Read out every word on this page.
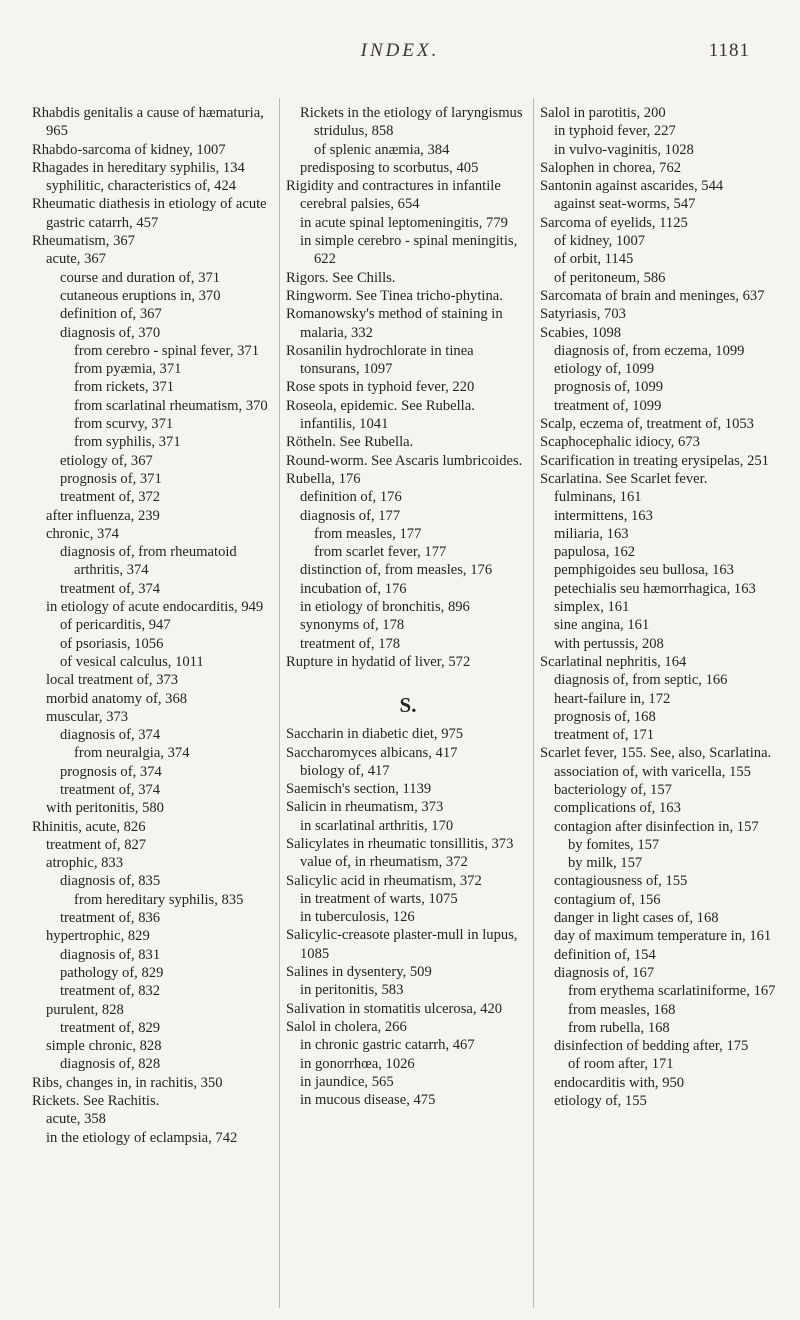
INDEX.	1181

Rhabdis genitalis a cause of hæmaturia, 965

Rhabdo-sarcoma of kidney, 1007

Rhagades in hereditary syphilis, 134

syphilitic, characteristics of, 424

Rheumatic diathesis in etiology of acute gastric catarrh, 457

Rheumatism, 367

acute, 367

course and duration of, 371

cutaneous eruptions in, 370

definition of, 367

diagnosis of, 370

from cerebro - spinal fever, 371

from pyæmia, 371

from rickets, 371

from scarlatinal rheumatism, 370

from scurvy, 371

from syphilis, 371

etiology of, 367

prognosis of, 371

treatment of, 372

after influenza, 239

chronic, 374

diagnosis of, from rheumatoid arthritis, 374

treatment of, 374

in etiology of acute endocarditis, 949

of pericarditis, 947

of psoriasis, 1056

of vesical calculus, 1011

local treatment of, 373

morbid anatomy of, 368

muscular, 373

diagnosis of, 374

from neuralgia, 374

prognosis of, 374

treatment of, 374

with peritonitis, 580

Rhinitis, acute, 826

treatment of, 827

atrophic, 833

diagnosis of, 835

from hereditary syphilis, 835

treatment of, 836

hypertrophic, 829

diagnosis of, 831

pathology of, 829

treatment of, 832

purulent, 828

treatment of, 829

simple chronic, 828

diagnosis of, 828

Ribs, changes in, in rachitis, 350

Rickets. See Rachitis.

acute, 358

in the etiology of eclampsia, 742

Rickets in the etiology of laryngismus stridulus, 858

of splenic anæmia, 384

predisposing to scorbutus, 405

Rigidity and contractures in infantile cerebral palsies, 654

in acute spinal leptomeningitis, 779

in simple cerebro - spinal meningitis, 622

Rigors. See Chills.

Ringworm. See Tinea tricho-phytina.

Romanowsky's method of staining in malaria, 332

Rosanilin hydrochlorate in tinea tonsurans, 1097

Rose spots in typhoid fever, 220

Roseola, epidemic. See Rubella.

infantilis, 1041

Rötheln. See Rubella.

Round-worm. See Ascaris lumbricoides.

Rubella, 176

definition of, 176

diagnosis of, 177

from measles, 177

from scarlet fever, 177

distinction of, from measles, 176

incubation of, 176

in etiology of bronchitis, 896

synonyms of, 178

treatment of, 178

Rupture in hydatid of liver, 572

S.

Saccharin in diabetic diet, 975

Saccharomyces albicans, 417

biology of, 417

Saemisch's section, 1139

Salicin in rheumatism, 373

in scarlatinal arthritis, 170

Salicylates in rheumatic tonsillitis, 373

value of, in rheumatism, 372

Salicylic acid in rheumatism, 372

in treatment of warts, 1075

in tuberculosis, 126

Salicylic-creasote plaster-mull in lupus, 1085

Salines in dysentery, 509

in peritonitis, 583

Salivation in stomatitis ulcerosa, 420

Salol in cholera, 266

in chronic gastric catarrh, 467

in gonorrhœa, 1026

in jaundice, 565

in mucous disease, 475

Salol in parotitis, 200

in typhoid fever, 227

in vulvo-vaginitis, 1028

Salophen in chorea, 762

Santonin against ascarides, 544

against seat-worms, 547

Sarcoma of eyelids, 1125

of kidney, 1007

of orbit, 1145

of peritoneum, 586

Sarcomata of brain and meninges, 637

Satyriasis, 703

Scabies, 1098

diagnosis of, from eczema, 1099

etiology of, 1099

prognosis of, 1099

treatment of, 1099

Scalp, eczema of, treatment of, 1053

Scaphocephalic idiocy, 673

Scarification in treating erysipelas, 251

Scarlatina. See Scarlet fever.

fulminans, 161

intermittens, 163

miliaria, 163

papulosa, 162

pemphigoides seu bullosa, 163

petechialis seu hæmorrhagica, 163

simplex, 161

sine angina, 161

with pertussis, 208

Scarlatinal nephritis, 164

diagnosis of, from septic, 166

heart-failure in, 172

prognosis of, 168

treatment of, 171

Scarlet fever, 155. See, also, Scarlatina.

association of, with varicella, 155

bacteriology of, 157

complications of, 163

contagion after disinfection in, 157

by fomites, 157

by milk, 157

contagiousness of, 155

contagium of, 156

danger in light cases of, 168

day of maximum temperature in, 161

definition of, 154

diagnosis of, 167

from erythema scarlatiniforme, 167

from measles, 168

from rubella, 168

disinfection of bedding after, 175

of room after, 171

endocarditis with, 950

etiology of, 155
